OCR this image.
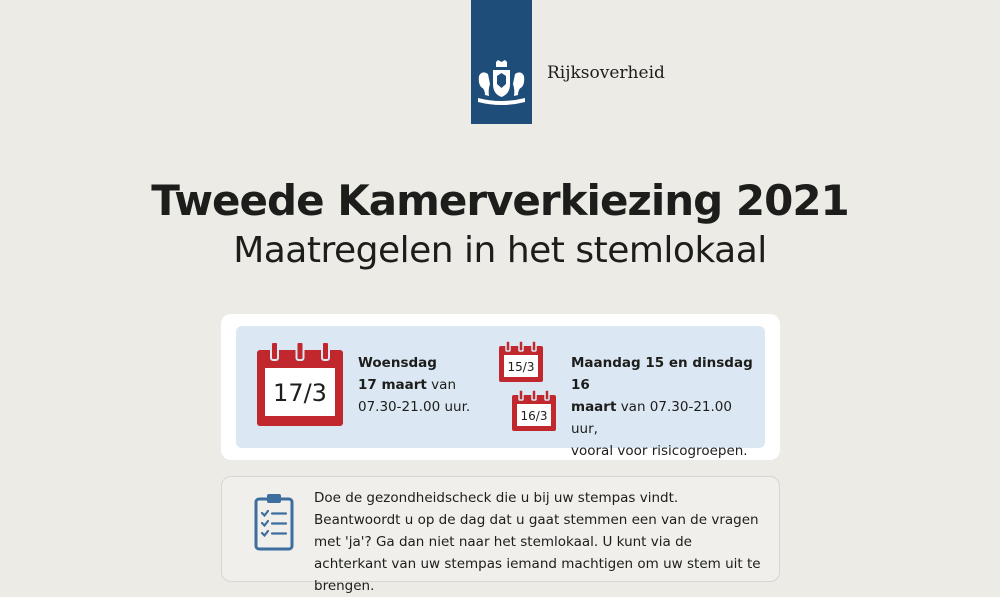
Rijksoverheid
Tweede Kamerverkiezing 2021
Maatregelen in het stemlokaal
17/3
Woensdag
17 maart van
07.30-21.00 uur.
15/3
16/3
Maandag 15 en dinsdag 16
maart van 07.30-21.00 uur,
vooral voor risicogroepen.
Doe de gezondheidscheck die u bij uw stempas vindt. Beantwoordt u op de dag dat u gaat stemmen een van de vragen met 'ja'? Ga dan niet naar het stemlokaal. U kunt via de achterkant van uw stempas iemand machtigen om uw stem uit te brengen.
